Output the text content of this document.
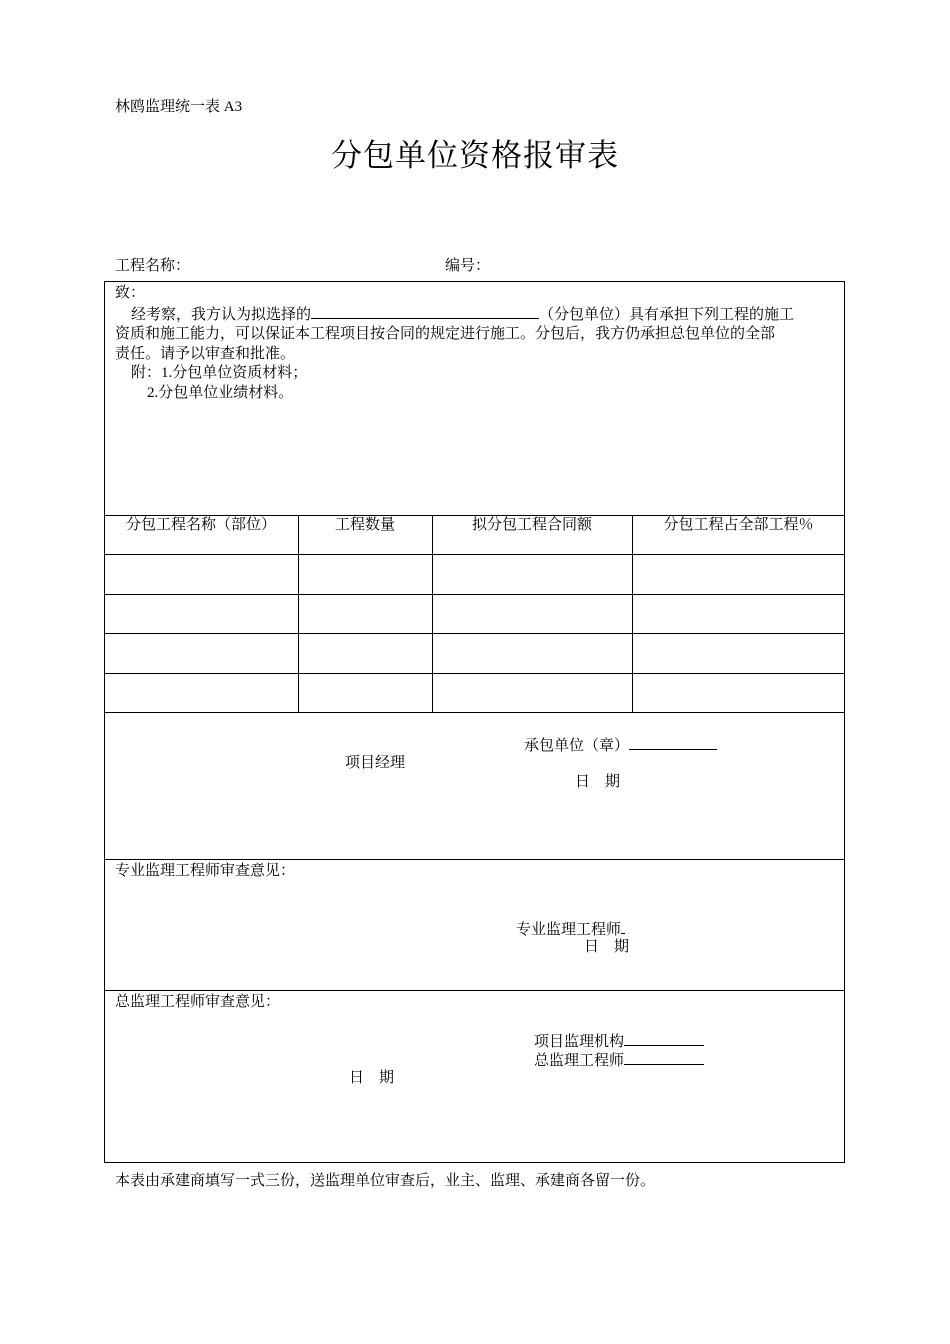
林鸥监理统一表 A3
分包单位资格报审表
工程名称：	编号：

致：

经考察，我方认为拟选择的	（分包单位）具有承担下列工程的施工

资质和施工能力，可以保证本工程项目按合同的规定进行施工。分包后，我方仍承担总包单位的全部

责任。请予以审查和批准。

附：1.分包单位资质材料；

2.分包单位业绩材料。

分包工程名称（部位）	工程数量	拟分包工程合同额	分包工程占全部工程％
承包单位（章）
项目经理
日　期
专业监理工程师审查意见：
专业监理工程师
日　期
总监理工程师审查意见：
项目监理机构
总监理工程师
日　期
本表由承建商填写一式三份，送监理单位审查后，业主、监理、承建商各留一份。
